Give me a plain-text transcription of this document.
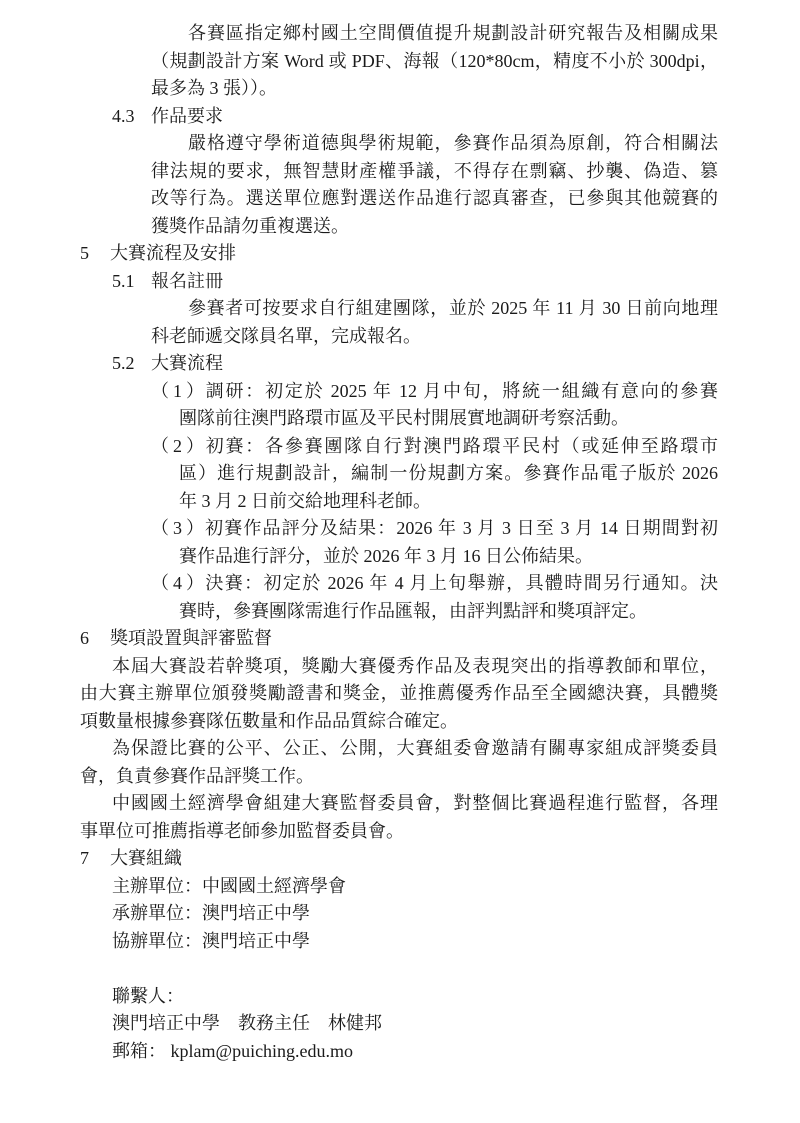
各賽區指定鄉村國土空間價值提升規劃設計研究報告及相關成果
（規劃設計方案 Word 或 PDF、海報（120*80cm，精度不小於 300dpi，
最多為 3 張））。
4.3 作品要求
嚴格遵守學術道德與學術規範，參賽作品須為原創，符合相關法
律法規的要求，無智慧財產權爭議，不得存在剽竊、抄襲、偽造、篡
改等行為。選送單位應對選送作品進行認真審查，已參與其他競賽的
獲獎作品請勿重複選送。
5 大賽流程及安排
5.1 報名註冊
參賽者可按要求自行組建團隊，並於 2025 年 11 月 30 日前向地理
科老師遞交隊員名單，完成報名。
5.2 大賽流程
（1）調研：初定於 2025 年 12 月中旬，將統一組織有意向的參賽
團隊前往澳門路環市區及平民村開展實地調研考察活動。
（2）初賽：各參賽團隊自行對澳門路環平民村（或延伸至路環市
區）進行規劃設計，編制一份規劃方案。參賽作品電子版於 2026
年 3 月 2 日前交給地理科老師。
（3）初賽作品評分及結果：2026 年 3 月 3 日至 3 月 14 日期間對初
賽作品進行評分，並於 2026 年 3 月 16 日公佈結果。
（4）決賽：初定於 2026 年 4 月上旬舉辦，具體時間另行通知。決
賽時，參賽團隊需進行作品匯報，由評判點評和獎項評定。
6 獎項設置與評審監督
本屆大賽設若幹獎項，獎勵大賽優秀作品及表現突出的指導教師和單位，
由大賽主辦單位頒發獎勵證書和獎金，並推薦優秀作品至全國總決賽，具體獎
項數量根據參賽隊伍數量和作品品質綜合確定。
為保證比賽的公平、公正、公開，大賽組委會邀請有關專家組成評獎委員
會，負責參賽作品評獎工作。
中國國土經濟學會組建大賽監督委員會，對整個比賽過程進行監督，各理
事單位可推薦指導老師參加監督委員會。
7 大賽組織
主辦單位：中國國土經濟學會
承辦單位：澳門培正中學
協辦單位：澳門培正中學

聯繫人：
澳門培正中學　教務主任　林健邦
郵箱： kplam@puiching.edu.mo
